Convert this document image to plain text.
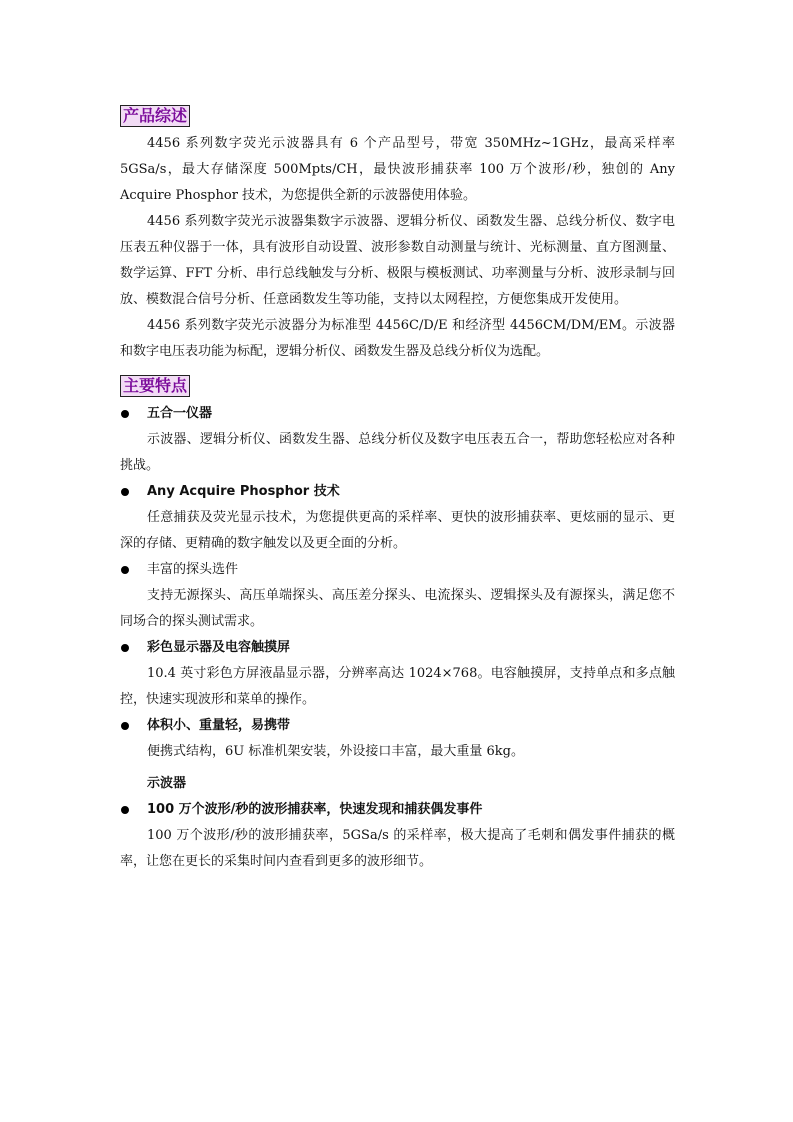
产品综述

4456 系列数字荧光示波器具有 6 个产品型号，带宽 350MHz~1GHz，最高采样率 5GSa/s，最大存储深度 500Mpts/CH，最快波形捕获率 100 万个波形/秒，独创的 Any Acquire Phosphor 技术，为您提供全新的示波器使用体验。

4456 系列数字荧光示波器集数字示波器、逻辑分析仪、函数发生器、总线分析仪、数字电压表五种仪器于一体，具有波形自动设置、波形参数自动测量与统计、光标测量、直方图测量、数学运算、FFT 分析、串行总线触发与分析、极限与模板测试、功率测量与分析、波形录制与回放、模数混合信号分析、任意函数发生等功能，支持以太网程控，方便您集成开发使用。

4456 系列数字荧光示波器分为标准型 4456C/D/E 和经济型 4456CM/DM/EM。示波器和数字电压表功能为标配，逻辑分析仪、函数发生器及总线分析仪为选配。

主要特点
五合一仪器

示波器、逻辑分析仪、函数发生器、总线分析仪及数字电压表五合一，帮助您轻松应对各种挑战。

Any Acquire Phosphor 技术

任意捕获及荧光显示技术，为您提供更高的采样率、更快的波形捕获率、更炫丽的显示、更深的存储、更精确的数字触发以及更全面的分析。

丰富的探头选件

支持无源探头、高压单端探头、高压差分探头、电流探头、逻辑探头及有源探头，满足您不同场合的探头测试需求。

彩色显示器及电容触摸屏

10.4 英寸彩色方屏液晶显示器，分辨率高达 1024×768。电容触摸屏，支持单点和多点触控，快速实现波形和菜单的操作。

体积小、重量轻，易携带

便携式结构，6U 标准机架安装，外设接口丰富，最大重量 6kg。

示波器
100 万个波形/秒的波形捕获率，快速发现和捕获偶发事件

100 万个波形/秒的波形捕获率，5GSa/s 的采样率，极大提高了毛刺和偶发事件捕获的概率，让您在更长的采集时间内查看到更多的波形细节。
